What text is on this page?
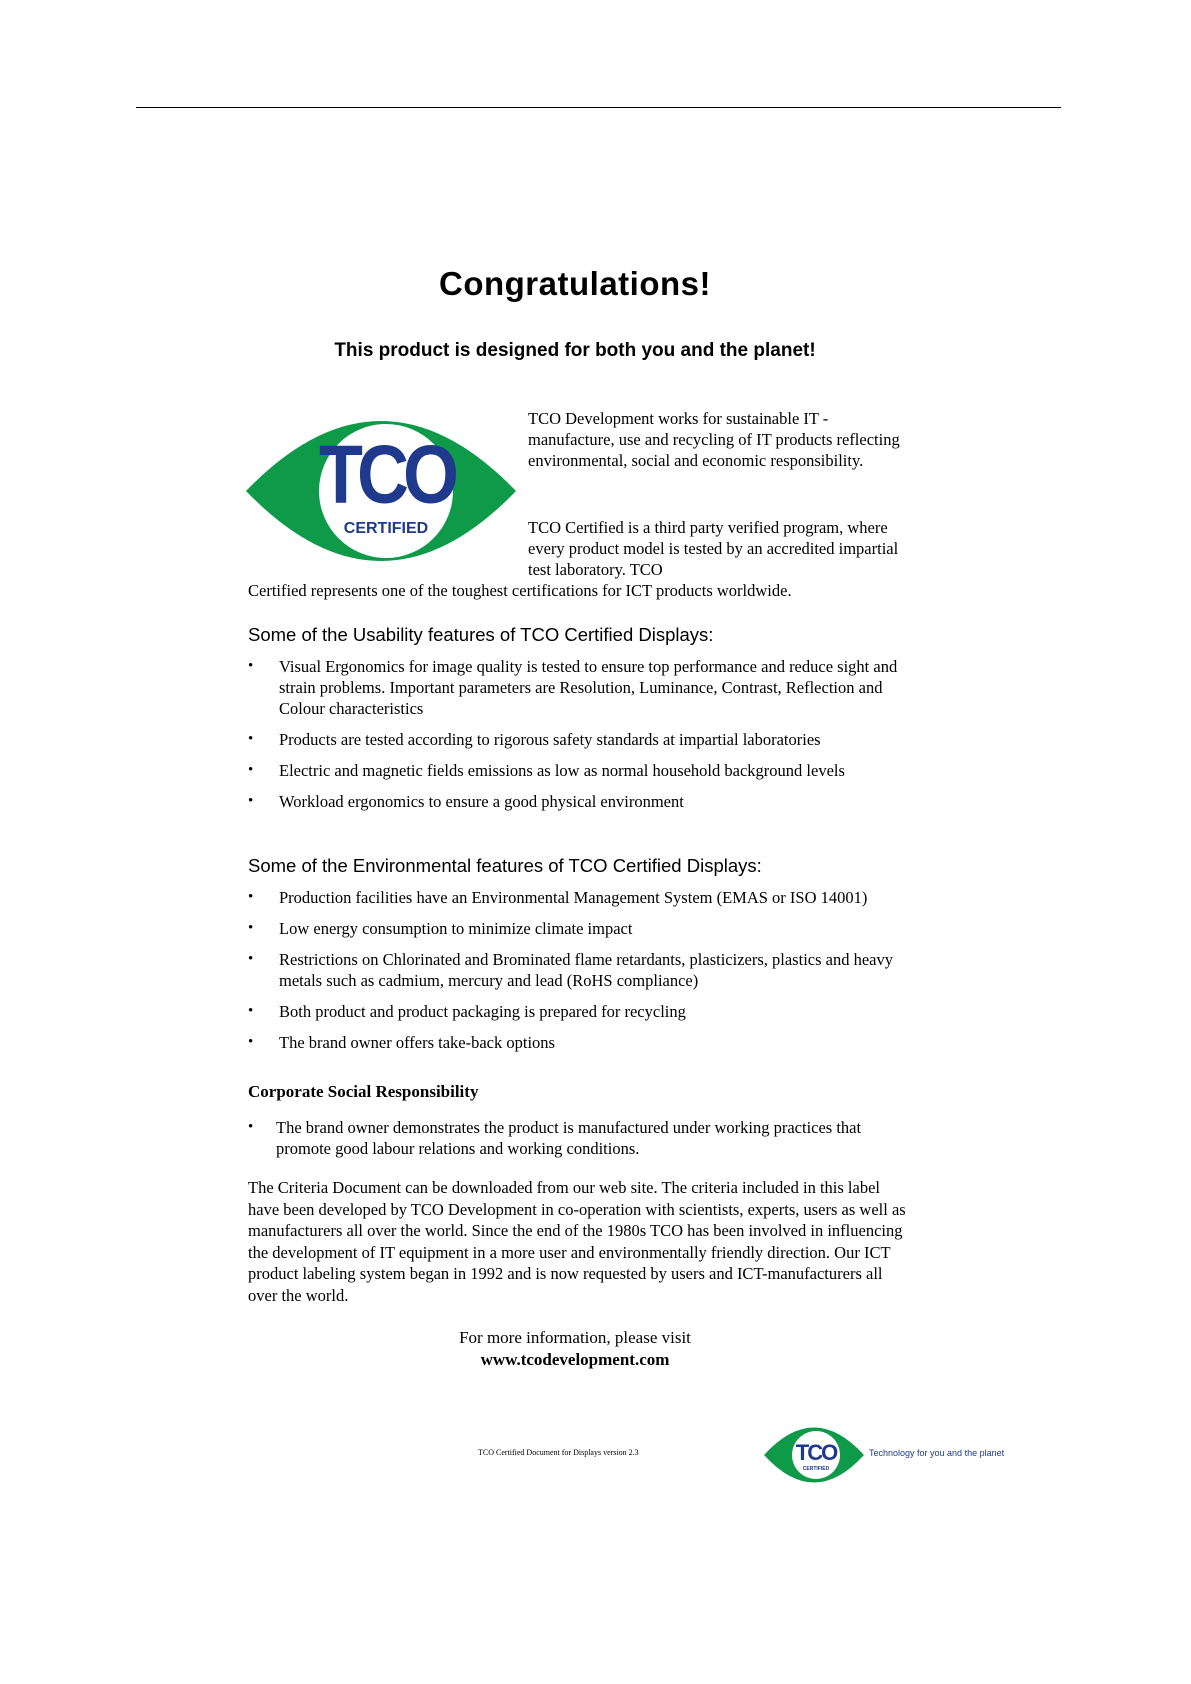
Congratulations!
This product is designed for both you and the planet!
TCO
CERTIFIED
TCO Development works for sustainable IT - manufacture, use and recycling of IT products reflecting environmental, social and economic responsibility.
TCO Certified is a third party verified program, where every product model is tested by an accredited impartial test laboratory. TCO
Certified represents one of the toughest certifications for ICT products worldwide.
Some of the Usability features of TCO Certified Displays:
• Visual Ergonomics for image quality is tested to ensure top performance and reduce sight and strain problems. Important parameters are Resolution, Luminance, Contrast, Reflection and Colour characteristics
• Products are tested according to rigorous safety standards at impartial laboratories
• Electric and magnetic fields emissions as low as normal household background levels
• Workload ergonomics to ensure a good physical environment
Some of the Environmental features of TCO Certified Displays:
• Production facilities have an Environmental Management System (EMAS or ISO 14001)
• Low energy consumption to minimize climate impact
• Restrictions on Chlorinated and Brominated flame retardants, plasticizers, plastics and heavy metals such as cadmium, mercury and lead (RoHS compliance)
• Both product and product packaging is prepared for recycling
• The brand owner offers take-back options
Corporate Social Responsibility
• The brand owner demonstrates the product is manufactured under working practices that promote good labour relations and working conditions.
The Criteria Document can be downloaded from our web site. The criteria included in this label have been developed by TCO Development in co-operation with scientists, experts, users as well as manufacturers all over the world. Since the end of the 1980s TCO has been involved in influencing the development of IT equipment in a more user and environmentally friendly direction. Our ICT product labeling system began in 1992 and is now requested by users and ICT-manufacturers all over the world.
For more information, please visit
www.tcodevelopment.com
TCO Certified Document for Displays version 2.3	TCO
CERTIFIED
Technology for you and the planet
